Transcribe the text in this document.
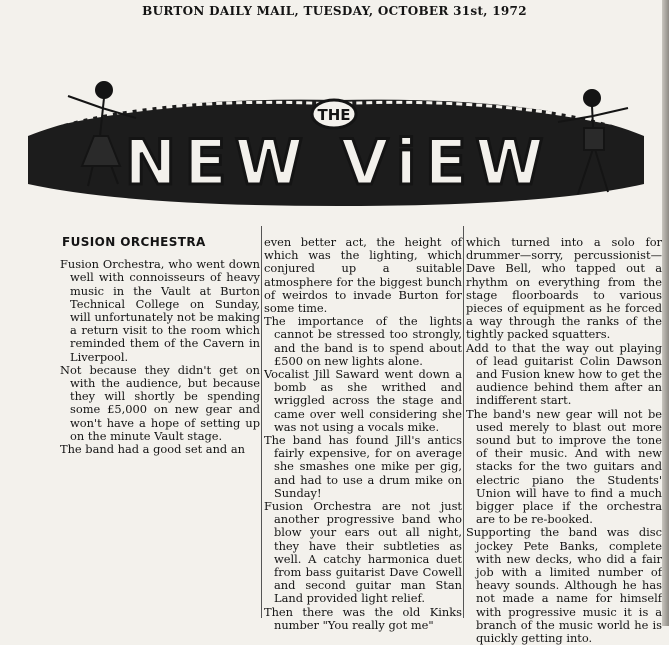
BURTON DAILY MAIL, TUESDAY, OCTOBER 31st, 1972
THE
NEW ViEW
FUSION ORCHESTRA

Fusion Orchestra, who went down well with connoisseurs of heavy music in the Vault at Burton Technical College on Sunday, will unfortunately not be making a return visit to the room which reminded them of the Cavern in Liverpool.

Not because they didn't get on with the audience, but because they will shortly be spending some £5,000 on new gear and won't have a hope of setting up on the minute Vault stage.

The band had a good set and an

even better act, the height of which was the lighting, which conjured up a suitable atmosphere for the biggest bunch of weirdos to invade Burton for some time.

The importance of the lights cannot be stressed too strongly, and the band is to spend about £500 on new lights alone.

Vocalist Jill Saward went down a bomb as she writhed and wriggled across the stage and came over well considering she was not using a vocals mike.

The band has found Jill's antics fairly expensive, for on average she smashes one mike per gig, and had to use a drum mike on Sunday!

Fusion Orchestra are not just another progressive band who blow your ears out all night, they have their subtleties as well. A catchy harmonica duet from bass guitarist Dave Cowell and second guitar man Stan Land provided light relief.

Then there was the old Kinks number "You really got me"

which turned into a solo for drummer—sorry, percussionist—Dave Bell, who tapped out a rhythm on everything from the stage floorboards to various pieces of equipment as he forced a way through the ranks of the tightly packed squatters.

Add to that the way out playing of lead guitarist Colin Dawson and Fusion knew how to get the audience behind them after an indifferent start.

The band's new gear will not be used merely to blast out more sound but to improve the tone of their music. And with new stacks for the two guitars and electric piano the Students' Union will have to find a much bigger place if the orchestra are to be re-booked.

Supporting the band was disc jockey Pete Banks, complete with new decks, who did a fair job with a limited number of heavy sounds. Although he has not made a name for himself with progressive music it is a branch of the music world he is quickly getting into.
